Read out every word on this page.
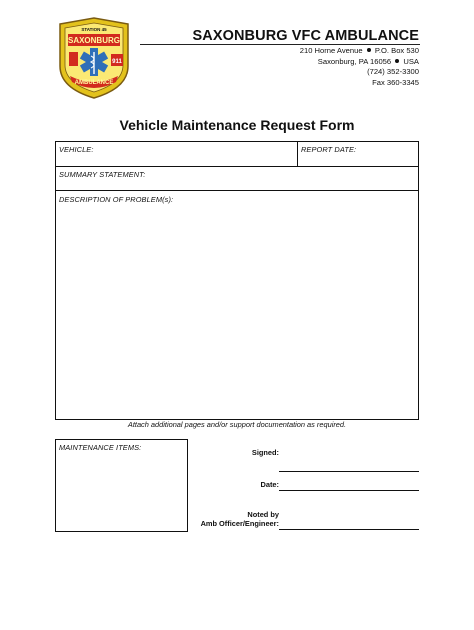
SAXONBURG
STATION 45
911
AMBULANCE
SAXONBURG VFC AMBULANCE
210 Horne Avenue P.O. Box 530
Saxonburg, PA 16056 USA
(724) 352-3300
Fax 360-3345
Vehicle Maintenance Request Form
VEHICLE:	REPORT DATE:
SUMMARY STATEMENT:
DESCRIPTION OF PROBLEM(s):
Attach additional pages and/or support documentation as required.
MAINTENANCE ITEMS:
Signed:
Date:
Noted by
Amb Officer/Engineer:
